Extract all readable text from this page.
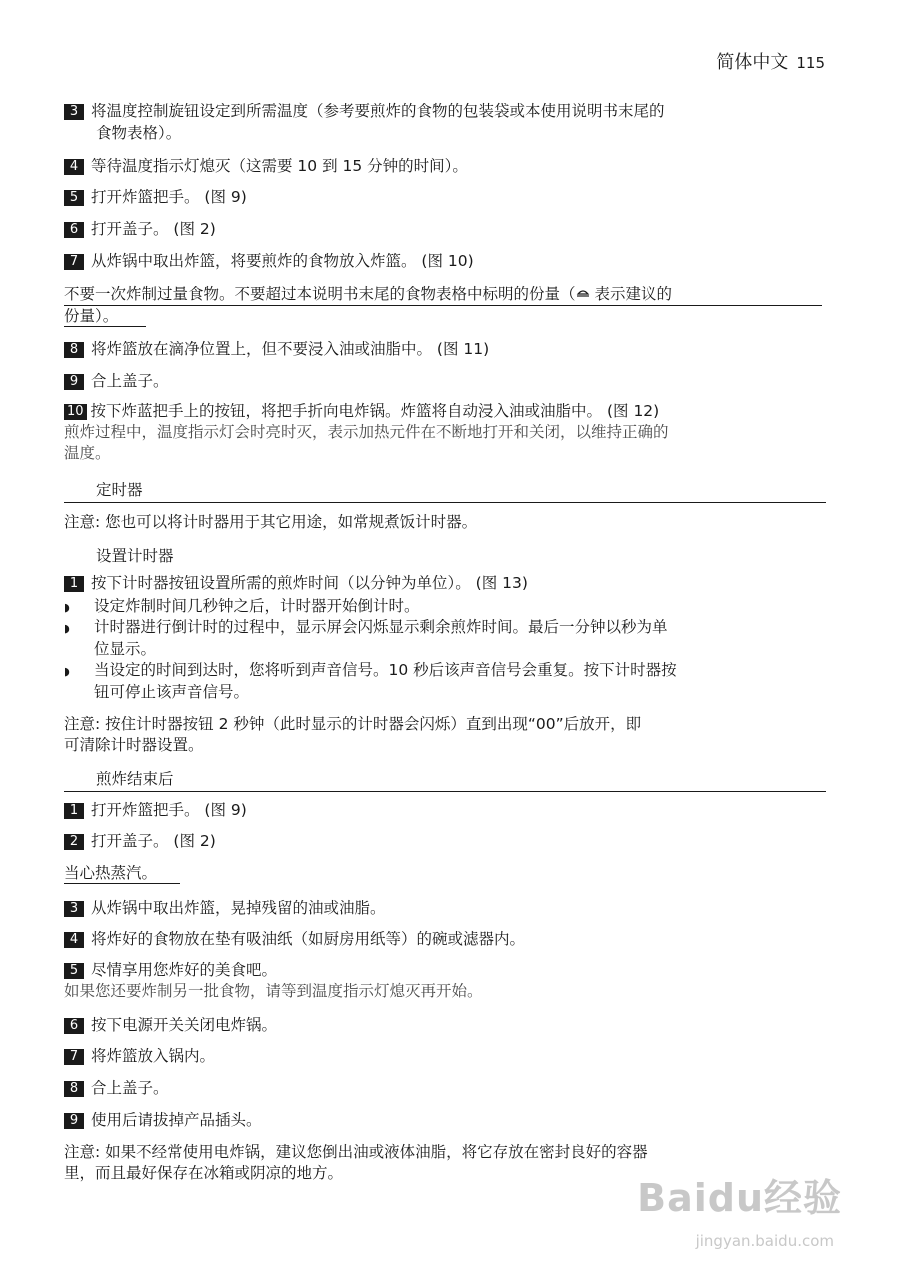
简体中文 115
3 将温度控制旋钮设定到所需温度（参考要煎炸的食物的包装袋或本使用说明书末尾的
食物表格）。
4 等待温度指示灯熄灭（这需要 10 到 15 分钟的时间）。
5 打开炸篮把手。 (图 9)
6 打开盖子。 (图 2)
7 从炸锅中取出炸篮，将要煎炸的食物放入炸篮。 (图 10)
不要一次炸制过量食物。不要超过本说明书末尾的食物表格中标明的份量（ 表示建议的
份量）。
8 将炸篮放在滴净位置上，但不要浸入油或油脂中。 (图 11)
9 合上盖子。
10 按下炸蓝把手上的按钮，将把手折向电炸锅。炸篮将自动浸入油或油脂中。 (图 12)
煎炸过程中，温度指示灯会时亮时灭，表示加热元件在不断地打开和关闭，以维持正确的
温度。
定时器
注意: 您也可以将计时器用于其它用途，如常规煮饭计时器。
设置计时器
1 按下计时器按钮设置所需的煎炸时间（以分钟为单位）。 (图 13)
◗ 设定炸制时间几秒钟之后，计时器开始倒计时。
◗ 计时器进行倒计时的过程中，显示屏会闪烁显示剩余煎炸时间。最后一分钟以秒为单
位显示。
◗ 当设定的时间到达时，您将听到声音信号。10 秒后该声音信号会重复。按下计时器按
钮可停止该声音信号。
注意: 按住计时器按钮 2 秒钟（此时显示的计时器会闪烁）直到出现“00”后放开，即
可清除计时器设置。
煎炸结束后
1 打开炸篮把手。 (图 9)
2 打开盖子。 (图 2)
当心热蒸汽。
3 从炸锅中取出炸篮，晃掉残留的油或油脂。
4 将炸好的食物放在垫有吸油纸（如厨房用纸等）的碗或滤器内。
5 尽情享用您炸好的美食吧。
如果您还要炸制另一批食物，请等到温度指示灯熄灭再开始。
6 按下电源开关关闭电炸锅。
7 将炸篮放入锅内。
8 合上盖子。
9 使用后请拔掉产品插头。
注意: 如果不经常使用电炸锅，建议您倒出油或液体油脂，将它存放在密封良好的容器
里，而且最好保存在冰箱或阴凉的地方。
Baidu经验
jingyan.baidu.com
